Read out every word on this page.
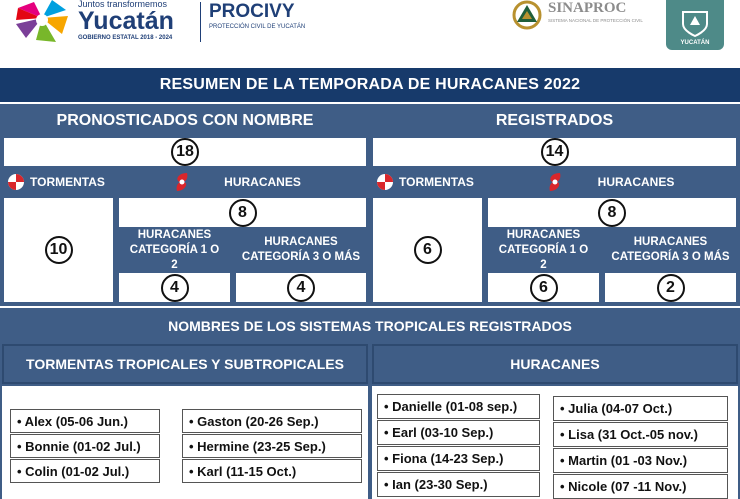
Juntos transformemos
Yucatán
GOBIERNO ESTATAL 2018 - 2024
PROCIVY
PROTECCIÓN CIVIL DE YUCATÁN
SINAPROC
SISTEMA NACIONAL DE PROTECCIÓN CIVIL
YUCATÁN
RESUMEN DE LA TEMPORADA DE HURACANES 2022
PRONOSTICADOS CON NOMBRE
18
TORMENTAS	HURACANES
10
8
HURACANES CATEGORÍA 1 O 2
HURACANES CATEGORÍA 3 O MÁS
4	4
REGISTRADOS
14
TORMENTAS	HURACANES
6
8
HURACANES CATEGORÍA 1 O 2
HURACANES CATEGORÍA 3 O MÁS
6	2
NOMBRES DE LOS SISTEMAS TROPICALES REGISTRADOS
TORMENTAS TROPICALES Y SUBTROPICALES	HURACANES
• Alex (05-06 Jun.)
• Bonnie (01-02 Jul.)
• Colin (01-02 Jul.)
• Gaston (20-26 Sep.)
• Hermine (23-25 Sep.)
• Karl (11-15 Oct.)
• Danielle (01-08 sep.)
• Earl (03-10 Sep.)
• Fiona (14-23 Sep.)
• Ian (23-30 Sep.)
• Julia (04-07 Oct.)
• Lisa (31 Oct.-05 nov.)
• Martin (01 -03 Nov.)
• Nicole (07 -11 Nov.)
